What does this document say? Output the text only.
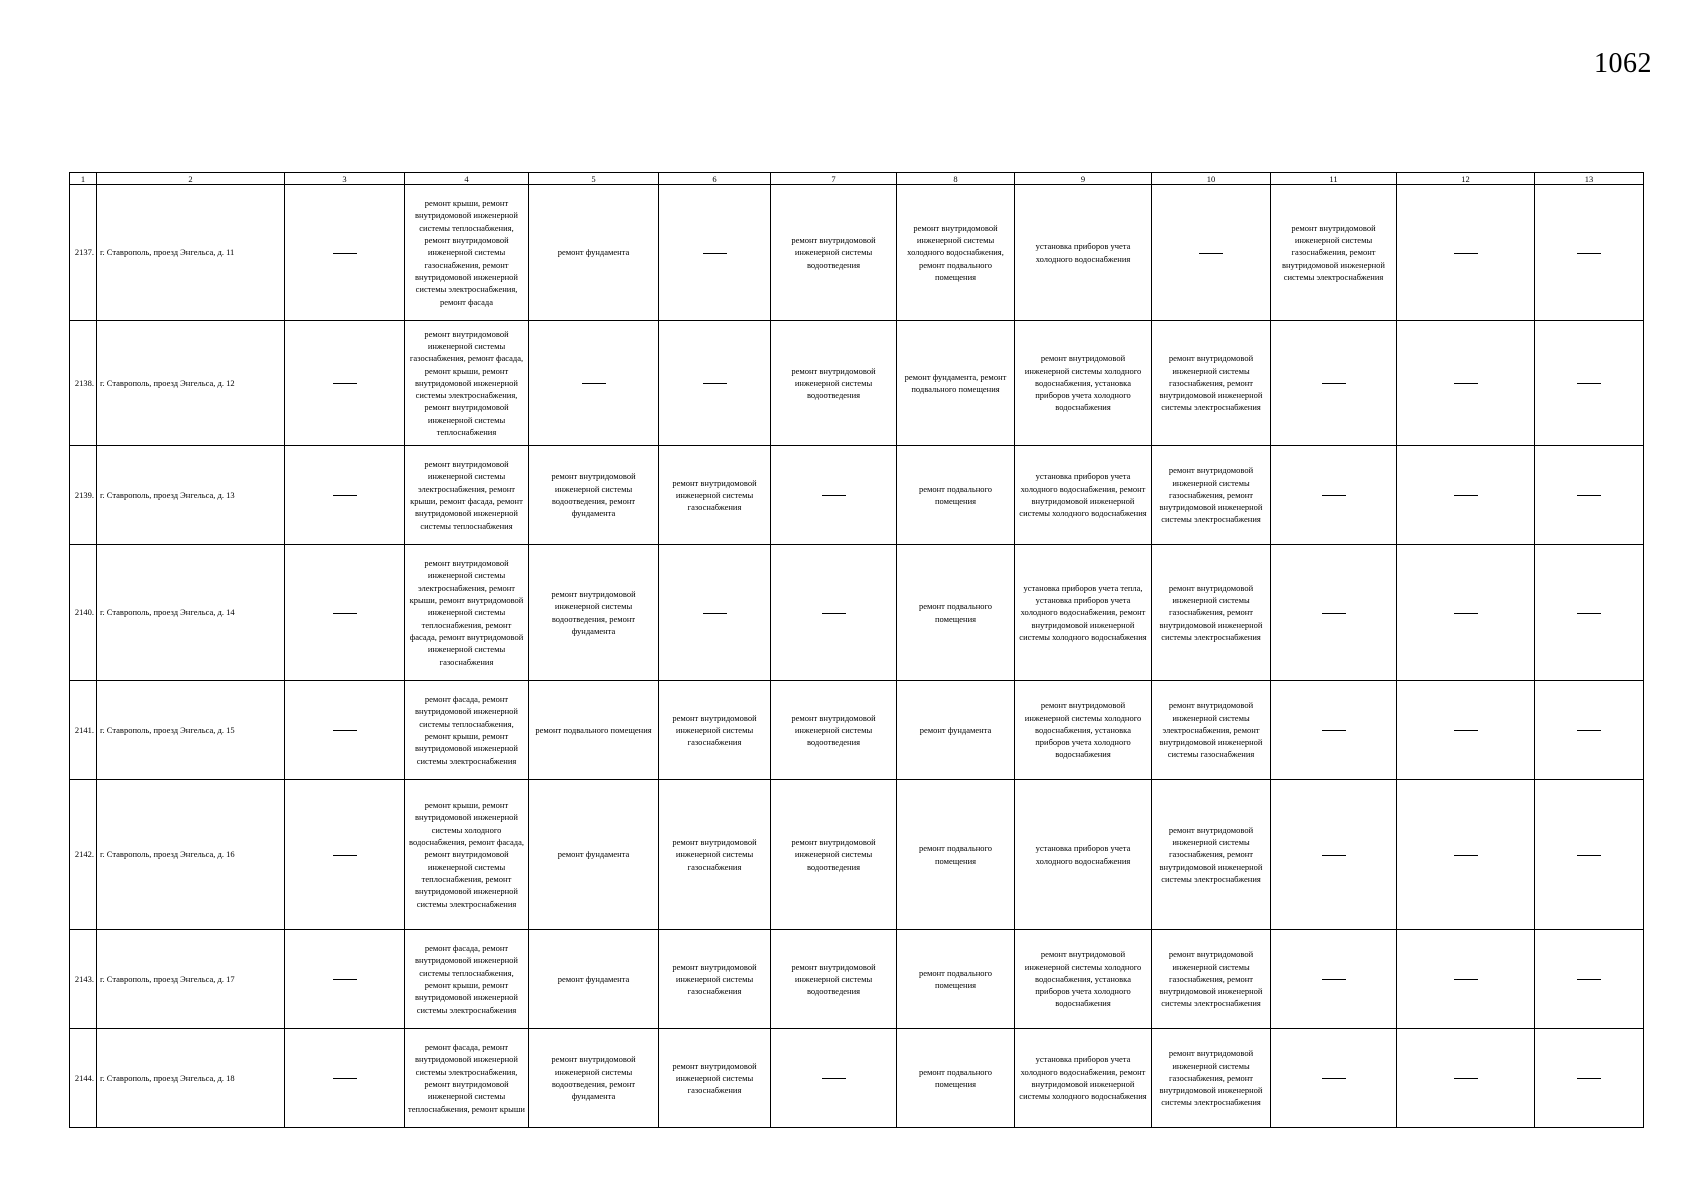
1062
1	2	3	4	5	6	7	8	9	10	11	12	13
2137.	г. Ставрополь, проезд Энгельса, д. 11		ремонт крыши, ремонт внутридомовой инженерной системы теплоснабжения, ремонт внутридомовой инженерной системы газоснабжения, ремонт внутридомовой инженерной системы электроснабжения, ремонт фасада	ремонт фундамента		ремонт внутридомовой инженерной системы водоотведения	ремонт внутридомовой инженерной системы холодного водоснабжения, ремонт подвального помещения	установка приборов учета холодного водоснабжения		ремонт внутридомовой инженерной системы газоснабжения, ремонт внутридомовой инженерной системы электроснабжения		
2138.	г. Ставрополь, проезд Энгельса, д. 12		ремонт внутридомовой инженерной системы газоснабжения, ремонт фасада, ремонт крыши, ремонт внутридомовой инженерной системы электроснабжения, ремонт внутридомовой инженерной системы теплоснабжения			ремонт внутридомовой инженерной системы водоотведения	ремонт фундамента, ремонт подвального помещения	ремонт внутридомовой инженерной системы холодного водоснабжения, установка приборов учета холодного водоснабжения	ремонт внутридомовой инженерной системы газоснабжения, ремонт внутридомовой инженерной системы электроснабжения			
2139.	г. Ставрополь, проезд Энгельса, д. 13		ремонт внутридомовой инженерной системы электроснабжения, ремонт крыши, ремонт фасада, ремонт внутридомовой инженерной системы теплоснабжения	ремонт внутридомовой инженерной системы водоотведения, ремонт фундамента	ремонт внутридомовой инженерной системы газоснабжения		ремонт подвального помещения	установка приборов учета холодного водоснабжения, ремонт внутридомовой инженерной системы холодного водоснабжения	ремонт внутридомовой инженерной системы газоснабжения, ремонт внутридомовой инженерной системы электроснабжения			
2140.	г. Ставрополь, проезд Энгельса, д. 14		ремонт внутридомовой инженерной системы электроснабжения, ремонт крыши, ремонт внутридомовой инженерной системы теплоснабжения, ремонт фасада, ремонт внутридомовой инженерной системы газоснабжения	ремонт внутридомовой инженерной системы водоотведения, ремонт фундамента			ремонт подвального помещения	установка приборов учета тепла, установка приборов учета холодного водоснабжения, ремонт внутридомовой инженерной системы холодного водоснабжения	ремонт внутридомовой инженерной системы газоснабжения, ремонт внутридомовой инженерной системы электроснабжения			
2141.	г. Ставрополь, проезд Энгельса, д. 15		ремонт фасада, ремонт внутридомовой инженерной системы теплоснабжения, ремонт крыши, ремонт внутридомовой инженерной системы электроснабжения	ремонт подвального помещения	ремонт внутридомовой инженерной системы газоснабжения	ремонт внутридомовой инженерной системы водоотведения	ремонт фундамента	ремонт внутридомовой инженерной системы холодного водоснабжения, установка приборов учета холодного водоснабжения	ремонт внутридомовой инженерной системы электроснабжения, ремонт внутридомовой инженерной системы газоснабжения			
2142.	г. Ставрополь, проезд Энгельса, д. 16		ремонт крыши, ремонт внутридомовой инженерной системы холодного водоснабжения, ремонт фасада, ремонт внутридомовой инженерной системы теплоснабжения, ремонт внутридомовой инженерной системы электроснабжения	ремонт фундамента	ремонт внутридомовой инженерной системы газоснабжения	ремонт внутридомовой инженерной системы водоотведения	ремонт подвального помещения	установка приборов учета холодного водоснабжения	ремонт внутридомовой инженерной системы газоснабжения, ремонт внутридомовой инженерной системы электроснабжения			
2143.	г. Ставрополь, проезд Энгельса, д. 17		ремонт фасада, ремонт внутридомовой инженерной системы теплоснабжения, ремонт крыши, ремонт внутридомовой инженерной системы электроснабжения	ремонт фундамента	ремонт внутридомовой инженерной системы газоснабжения	ремонт внутридомовой инженерной системы водоотведения	ремонт подвального помещения	ремонт внутридомовой инженерной системы холодного водоснабжения, установка приборов учета холодного водоснабжения	ремонт внутридомовой инженерной системы газоснабжения, ремонт внутридомовой инженерной системы электроснабжения			
2144.	г. Ставрополь, проезд Энгельса, д. 18		ремонт фасада, ремонт внутридомовой инженерной системы электроснабжения, ремонт внутридомовой инженерной системы теплоснабжения, ремонт крыши	ремонт внутридомовой инженерной системы водоотведения, ремонт фундамента	ремонт внутридомовой инженерной системы газоснабжения		ремонт подвального помещения	установка приборов учета холодного водоснабжения, ремонт внутридомовой инженерной системы холодного водоснабжения	ремонт внутридомовой инженерной системы газоснабжения, ремонт внутридомовой инженерной системы электроснабжения			
